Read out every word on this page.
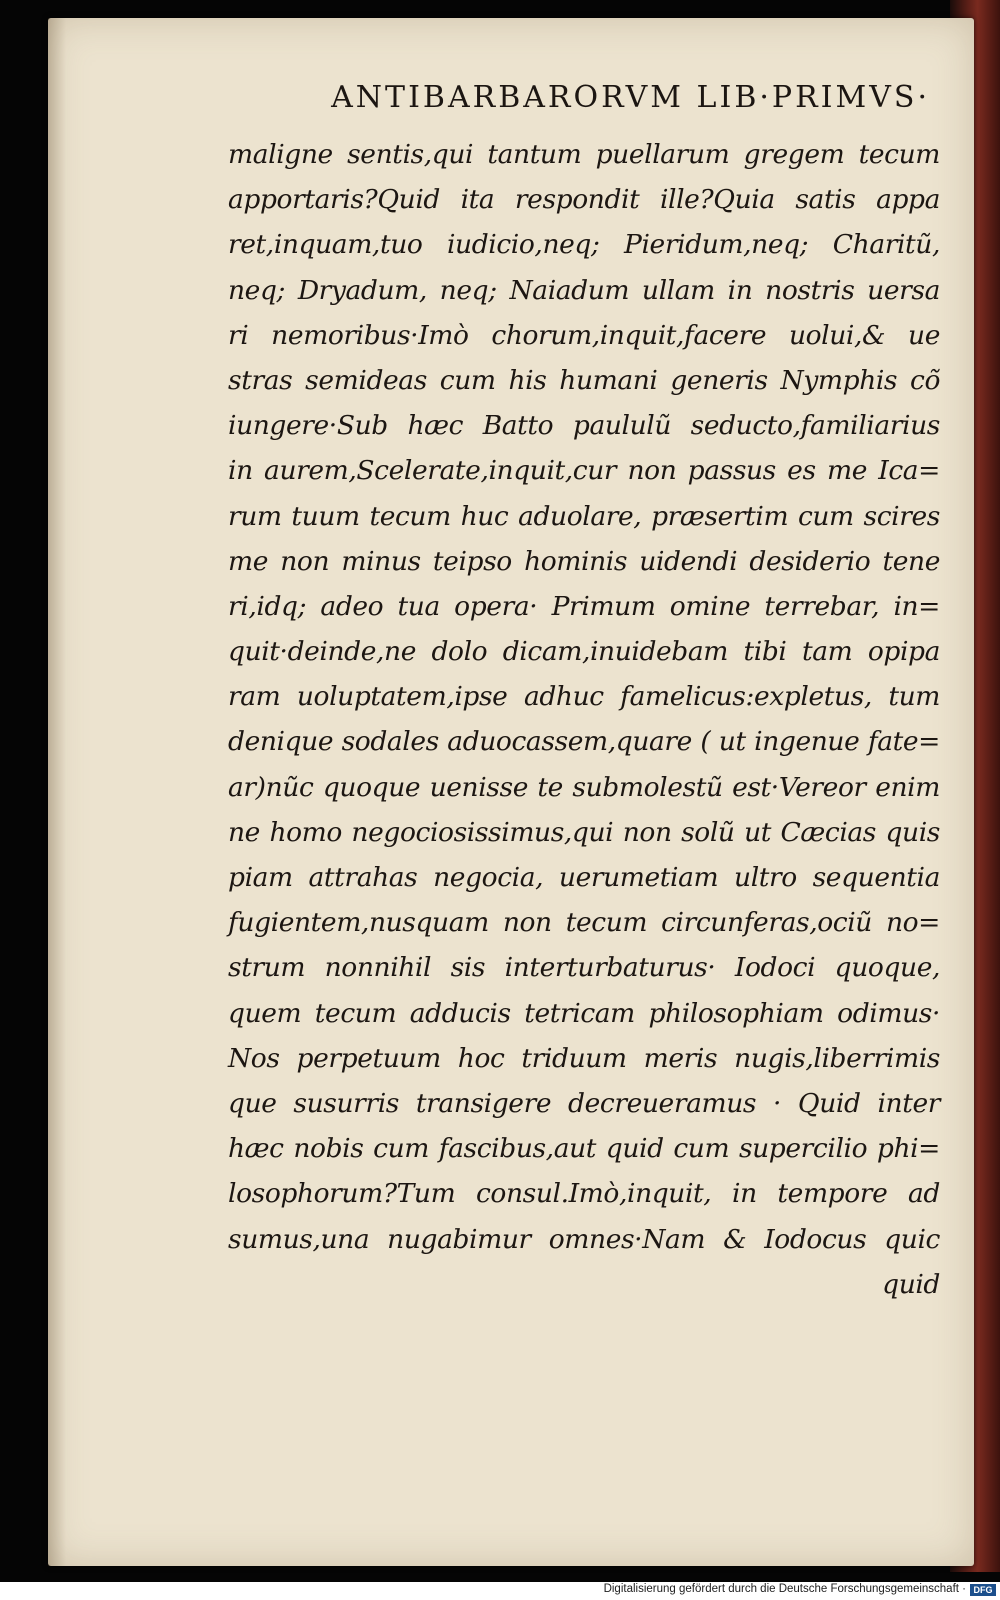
ANTIBARBARORVM LIB·PRIMVS·
maligne sentis,qui tantum puellarum gregem tecum
apportaris?Quid ita respondit ille?Quia satis appa
ret,inquam,tuo iudicio,neq; Pieridum,neq; Charitũ,
neq; Dryadum, neq; Naiadum ullam in nostris uersa
ri nemoribus·Imò chorum,inquit,facere uolui,& ue
stras semideas cum his humani generis Nymphis cõ
iungere·Sub hæc Batto paululũ seducto,familiarius
in aurem,Scelerate,inquit,cur non passus es me Ica=
rum tuum tecum huc aduolare, præsertim cum scires
me non minus teipso hominis uidendi desiderio tene
ri,idq; adeo tua opera· Primum omine terrebar, in=
quit·deinde,ne dolo dicam,inuidebam tibi tam opipa
ram uoluptatem,ipse adhuc famelicus:expletus, tum
denique sodales aduocassem,quare ( ut ingenue fate=
ar)nũc quoque uenisse te submolestũ est·Vereor enim
ne homo negociosissimus,qui non solũ ut Cæcias quis
piam attrahas negocia, uerumetiam ultro sequentia
fugientem,nusquam non tecum circunferas,ociũ no=
strum nonnihil sis interturbaturus· Iodoci quoque,
quem tecum adducis tetricam philosophiam odimus·
Nos perpetuum hoc triduum meris nugis,liberrimis
que susurris transigere decreueramus · Quid inter
hæc nobis cum fascibus,aut quid cum supercilio phi=
losophorum?Tum consul.Imò,inquit, in tempore ad
sumus,una nugabimur omnes·Nam & Iodocus quic
quid
Digitalisierung gefördert durch die Deutsche Forschungsgemeinschaft · DFG
